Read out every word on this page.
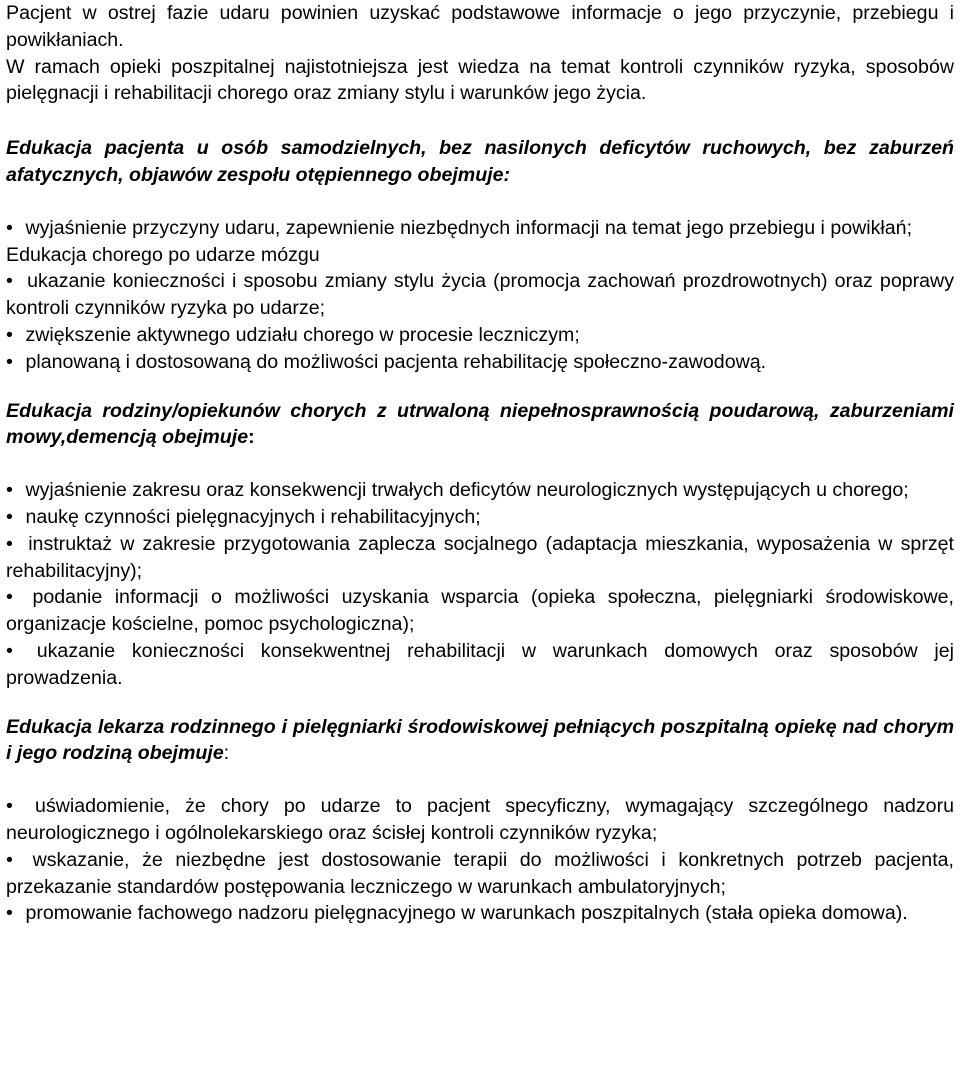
Pacjent w ostrej fazie udaru powinien uzyskać podstawowe informacje o jego przyczynie, przebiegu i powikłaniach.

W ramach opieki poszpitalnej najistotniejsza jest wiedza na temat kontroli czynników ryzyka, sposobów pielęgnacji i rehabilitacji chorego oraz zmiany stylu i warunków jego życia.

Edukacja pacjenta u osób samodzielnych, bez nasilonych deficytów ruchowych, bez zaburzeń afatycznych, objawów zespołu otępiennego obejmuje:

• wyjaśnienie przyczyny udaru, zapewnienie niezbędnych informacji na temat jego przebiegu i powikłań;

Edukacja chorego po udarze mózgu

• ukazanie konieczności i sposobu zmiany stylu życia (promocja zachowań prozdrowotnych) oraz poprawy kontroli czynników ryzyka po udarze;
• zwiększenie aktywnego udziału chorego w procesie leczniczym;
• planowaną i dostosowaną do możliwości pacjenta rehabilitację społeczno-zawodową.

Edukacja rodziny/opiekunów chorych z utrwaloną niepełnosprawnością poudarową, zaburzeniami mowy,demencją obejmuje:

• wyjaśnienie zakresu oraz konsekwencji trwałych deficytów neurologicznych występujących u chorego;
• naukę czynności pielęgnacyjnych i rehabilitacyjnych;
• instruktaż w zakresie przygotowania zaplecza socjalnego (adaptacja mieszkania, wyposażenia w sprzęt rehabilitacyjny);
• podanie informacji o możliwości uzyskania wsparcia (opieka społeczna, pielęgniarki środowiskowe, organizacje kościelne, pomoc psychologiczna);
• ukazanie konieczności konsekwentnej rehabilitacji w warunkach domowych oraz sposobów jej prowadzenia.

Edukacja lekarza rodzinnego i pielęgniarki środowiskowej pełniących poszpitalną opiekę nad chorym i jego rodziną obejmuje:

• uświadomienie, że chory po udarze to pacjent specyficzny, wymagający szczególnego nadzoru neurologicznego i ogólnolekarskiego oraz ścisłej kontroli czynników ryzyka;
• wskazanie, że niezbędne jest dostosowanie terapii do możliwości i konkretnych potrzeb pacjenta, przekazanie standardów postępowania leczniczego w warunkach ambulatoryjnych;
• promowanie fachowego nadzoru pielęgnacyjnego w warunkach poszpitalnych (stała opieka domowa).
